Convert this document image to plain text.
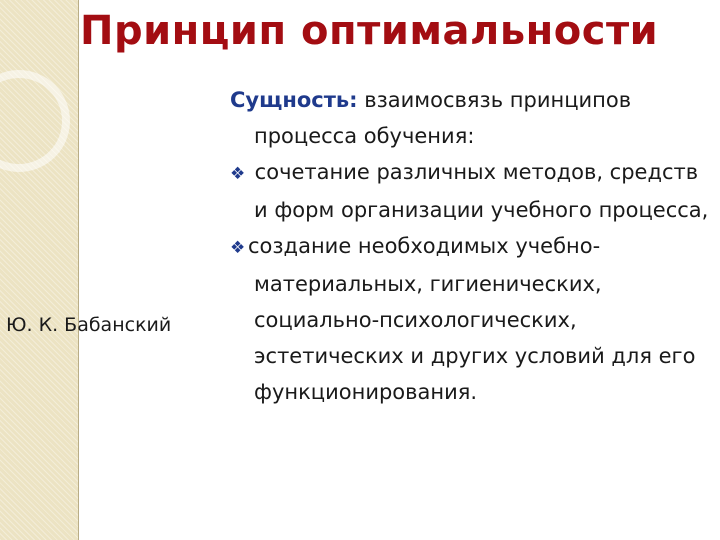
Принцип оптимальности
Ю. К. Бабанский

Сущность: взаимосвязь принципов процесса обучения:

❖ сочетание различных методов, средств и форм организации учебного процесса,

❖ создание необходимых учебно-материальных, гигиенических, социально-психологических, эстетических и других условий для его функционирования.
